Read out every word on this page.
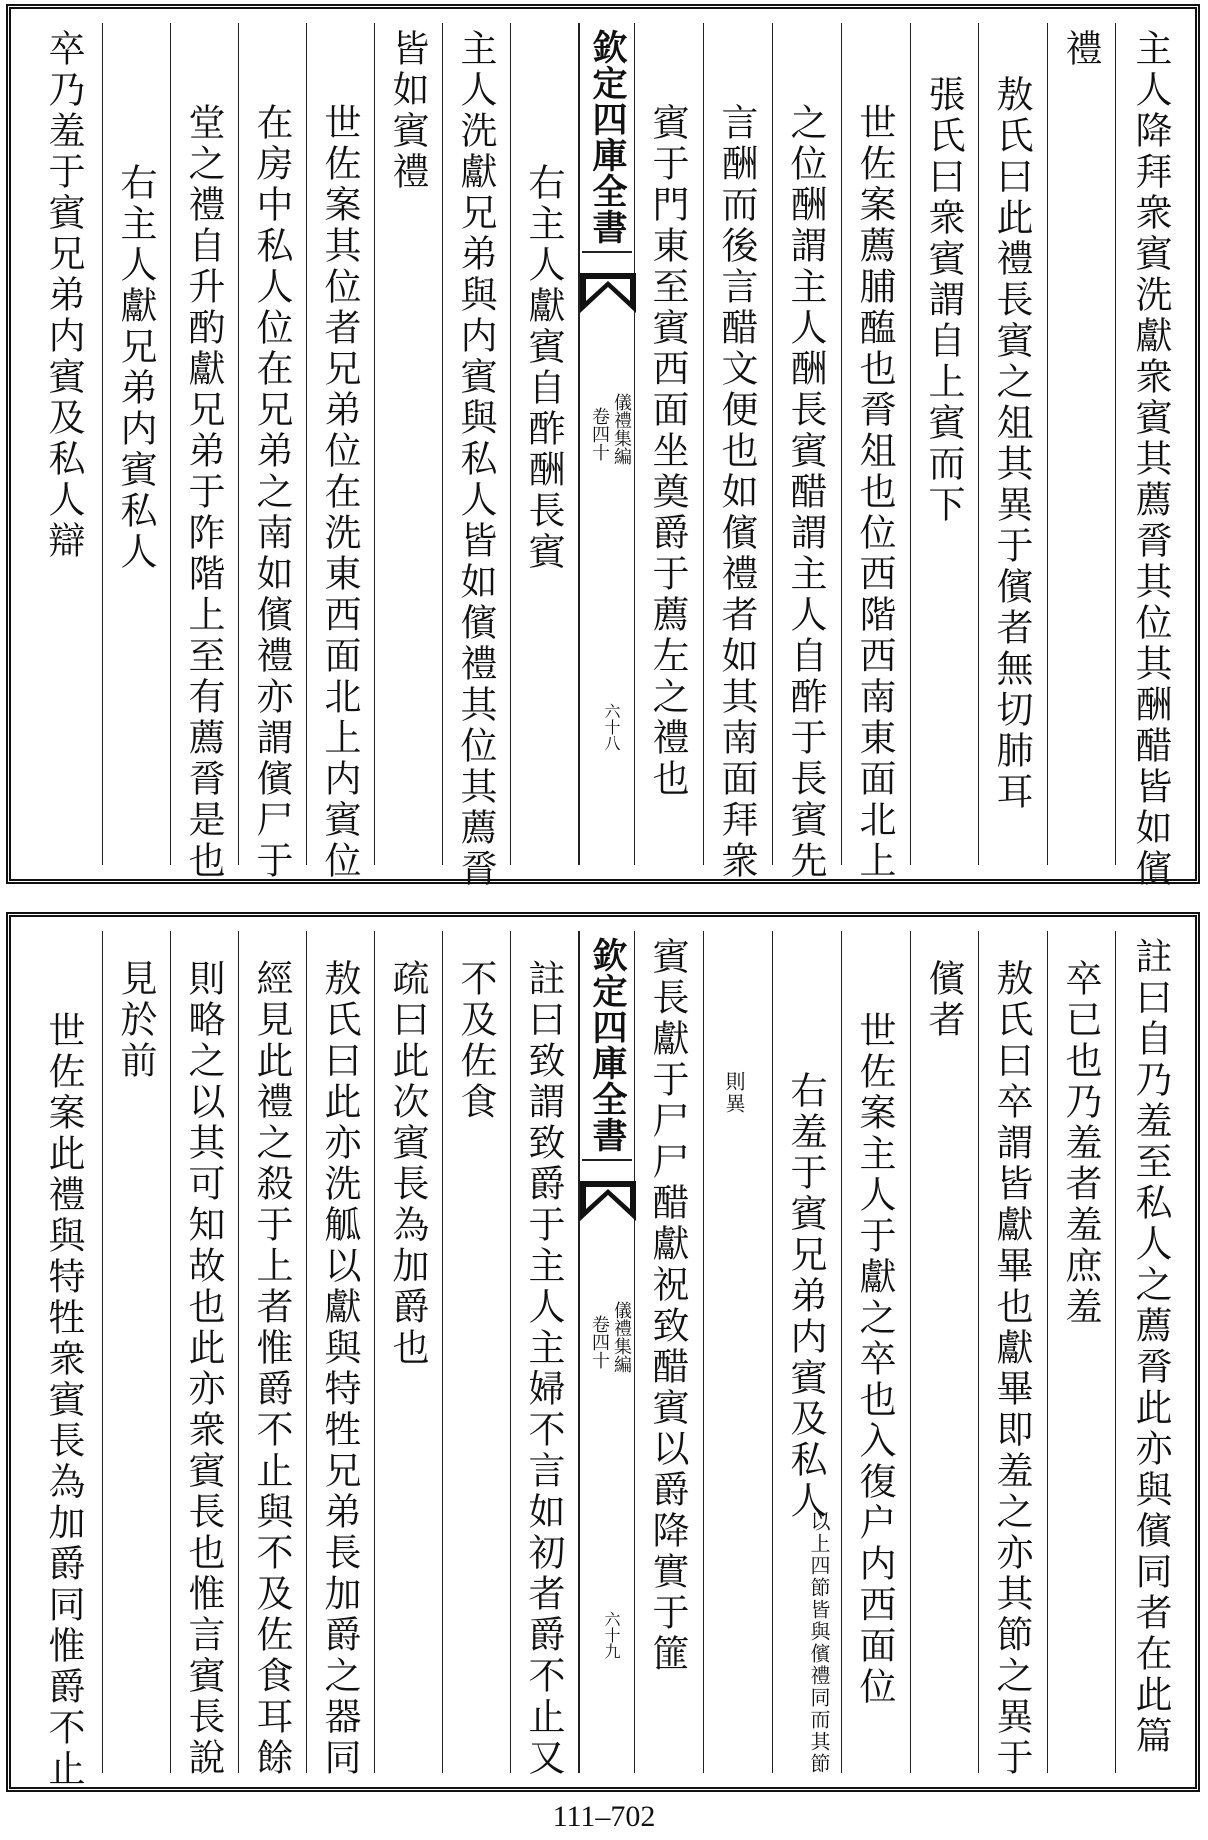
主人降拜衆賓洗獻衆賓其薦脀其位其酬醋皆如儐
禮
敖氏曰此禮長賓之俎其異于儐者無切肺耳
張氏曰衆賓謂自上賓而下
世佐案薦脯醢也脀俎也位西階西南東面北上
之位酬謂主人酬長賓醋謂主人自酢于長賓先
言酬而後言醋文便也如儐禮者如其南面拜衆
賓于門東至賓西面坐奠爵于薦左之禮也
欽定四庫全書
儀禮集編
卷四十
六十八
右主人獻賓自酢酬長賓
主人洗獻兄弟與内賓與私人皆如儐禮其位其薦脀
皆如賓禮
世佐案其位者兄弟位在洗東西面北上内賓位
在房中私人位在兄弟之南如儐禮亦謂儐尸于
堂之禮自升酌獻兄弟于阼階上至有薦脀是也
右主人獻兄弟内賓私人
卒乃羞于賓兄弟内賓及私人辯
註曰自乃羞至私人之薦脀此亦與儐同者在此篇
卒已也乃羞者羞庶羞
敖氏曰卒謂皆獻畢也獻畢即羞之亦其節之異于
儐者
世佐案主人于獻之卒也入復户内西面位
右羞于賓兄弟内賓及私人
以上四節皆與儐禮同而其節
則異
賓長獻于尸尸醋獻祝致醋賓以爵降實于篚
欽定四庫全書
儀禮集編
卷四十
六十九
註曰致謂致爵于主人主婦不言如初者爵不止又
不及佐食
疏曰此次賓長為加爵也
敖氏曰此亦洗觚以獻與特牲兄弟長加爵之器同
經見此禮之殺于上者惟爵不止與不及佐食耳餘
則略之以其可知故也此亦衆賓長也惟言賓長說
見於前
世佐案此禮與特牲衆賓長為加爵同惟爵不止
111–702
